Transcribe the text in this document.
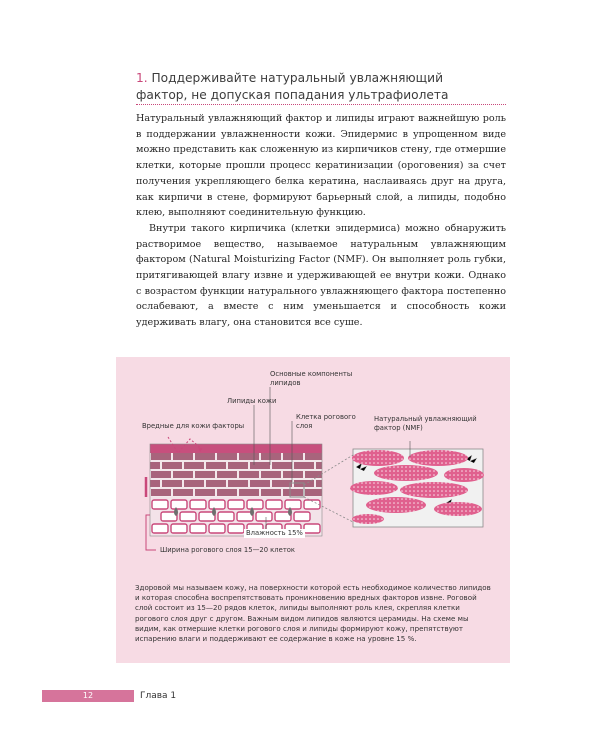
1. Поддерживайте натуральный увлажняющий
фактор, не допуская попадания ультрафиолета

Натуральный увлажняющий фактор и липиды играют важнейшую роль в поддержании увлажненности кожи. Эпидермис в упрощенном виде можно представить как сложенную из кирпичиков стену, где отмершие клетки, которые прошли процесс кератинизации (ороговения) за счет получения укрепляющего белка кератина, наслаиваясь друг на друга, как кирпичи в стене, формируют барьерный слой, а липиды, подобно клею, выполняют соединительную функцию.

Внутри такого кирпичика (клетки эпидермиса) можно обнаружить растворимое вещество, называемое натуральным увлажняющим фактором (Natural Moisturizing Factor (NMF). Он выполняет роль губки, притягивающей влагу извне и удерживающей ее внутри кожи. Однако с возрастом функции натурального увлажняющего фактора постепенно ослабевают, а вместе с ним уменьшается и способность кожи удерживать влагу, она становится все суше.

Основные компоненты липидов
Липиды кожи
Вредные для кожи факторы
Клетка рогового слоя
Натуральный увлажняющий фактор (NMF)
Влажность 15%
Ширина рогового слоя 15—20 клеток

Здоровой мы называем кожу, на поверхности которой есть необходимое количество липидов и которая способна воспрепятствовать проникновению вредных факторов извне. Роговой слой состоит из 15—20 рядов клеток, липиды выполняют роль клея, скрепляя клетки рогового слоя друг с другом. Важным видом липидов являются церамиды. На схеме мы видим, как отмершие клетки рогового слоя и липиды формируют кожу, препятствуют испарению влаги и поддерживают ее содержание в коже на уровне 15 %.

12	Глава 1
